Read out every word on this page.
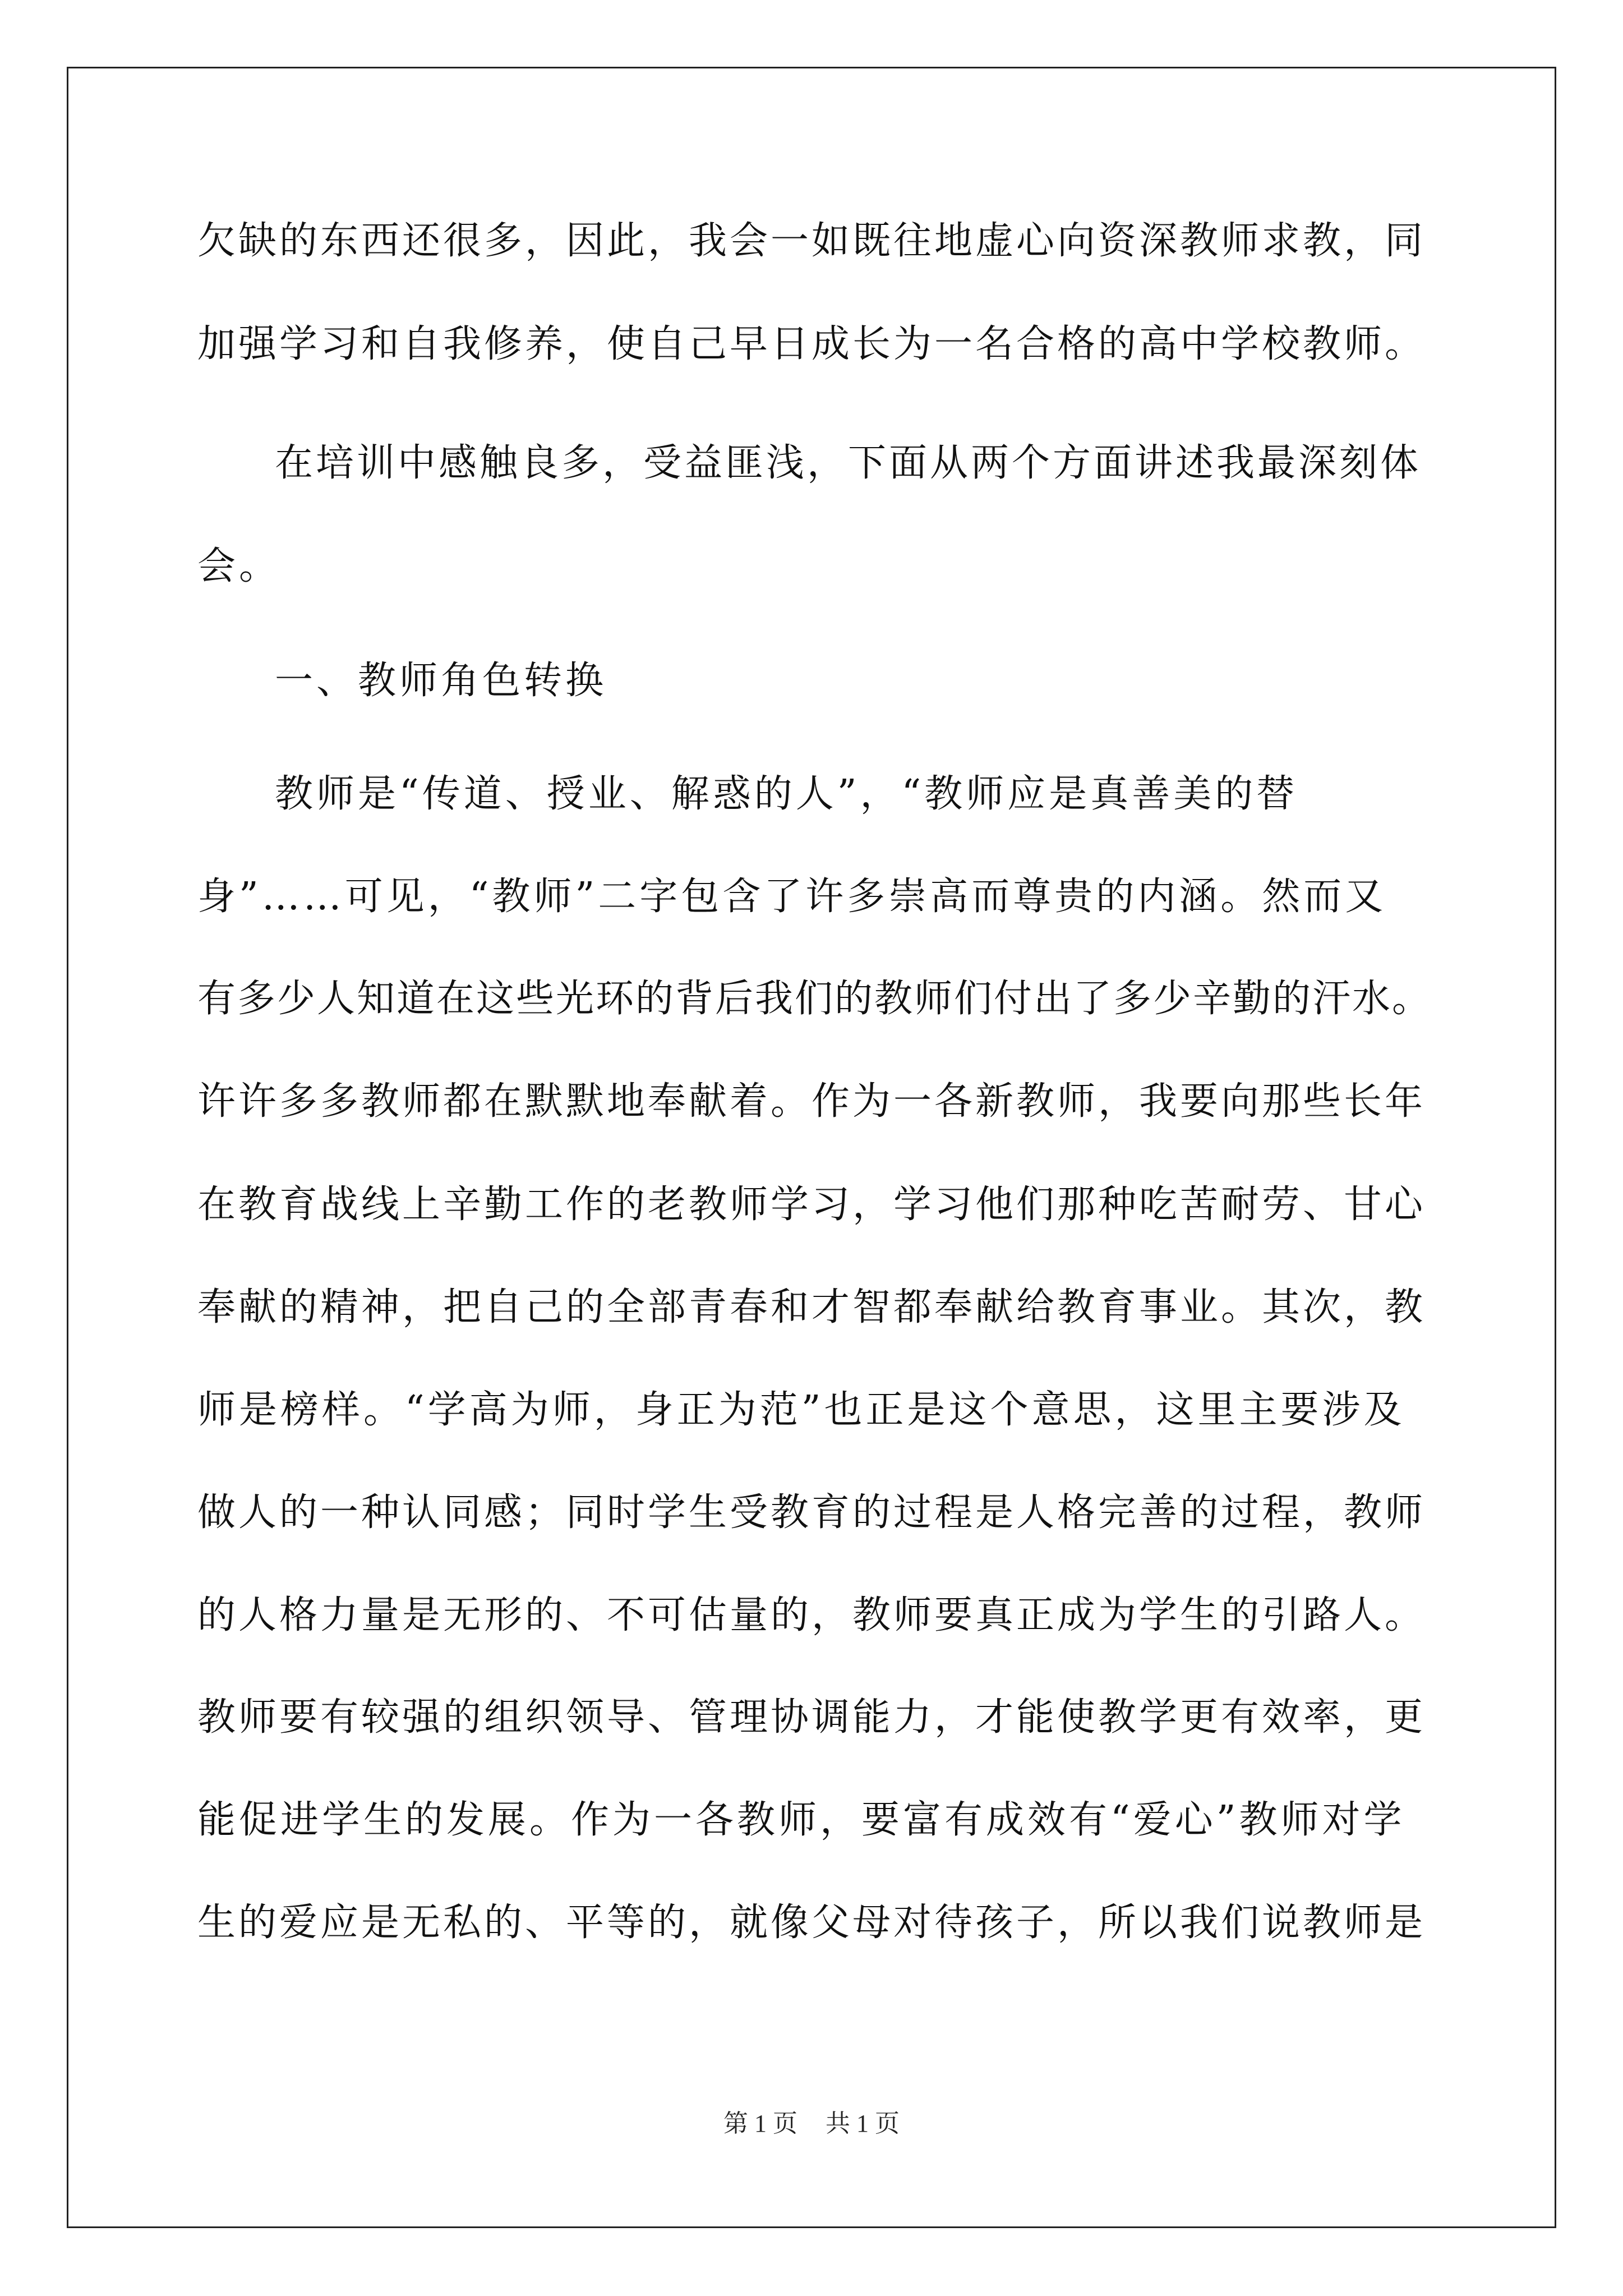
欠缺的东西还很多，因此，我会一如既往地虚心向资深教师求教，同
加强学习和自我修养，使自己早日成长为一名合格的高中学校教师。
在培训中感触良多，受益匪浅，下面从两个方面讲述我最深刻体
会。
一、教师角色转换
教师是“传道、授业、解惑的人”，“教师应是真善美的替
身”……可见，“教师”二字包含了许多崇高而尊贵的内涵。然而又
有多少人知道在这些光环的背后我们的教师们付出了多少辛勤的汗水。
许许多多教师都在默默地奉献着。作为一各新教师，我要向那些长年
在教育战线上辛勤工作的老教师学习，学习他们那种吃苦耐劳、甘心
奉献的精神，把自己的全部青春和才智都奉献给教育事业。其次，教
师是榜样。“学高为师，身正为范”也正是这个意思，这里主要涉及
做人的一种认同感；同时学生受教育的过程是人格完善的过程，教师
的人格力量是无形的、不可估量的，教师要真正成为学生的引路人。
教师要有较强的组织领导、管理协调能力，才能使教学更有效率，更
能促进学生的发展。作为一各教师，要富有成效有“爱心”教师对学
生的爱应是无私的、平等的，就像父母对待孩子，所以我们说教师是
第 1 页 共 1 页
